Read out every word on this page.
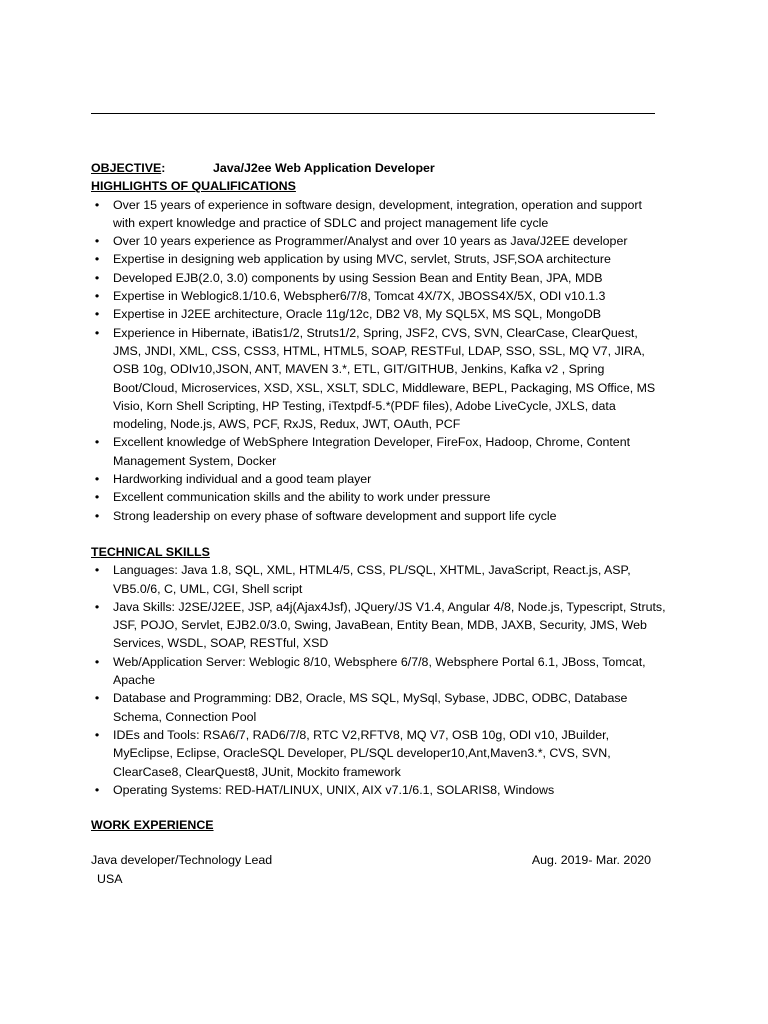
OBJECTIVE:	Java/J2ee Web Application Developer
HIGHLIGHTS OF QUALIFICATIONS
•	Over 15 years of experience in software design, development, integration, operation and support with expert knowledge and practice of SDLC and project management life cycle
•	Over 10 years experience as Programmer/Analyst and over 10 years as Java/J2EE developer
•	Expertise in designing web application by using MVC, servlet, Struts, JSF,SOA architecture
•	Developed EJB(2.0, 3.0) components by using Session Bean and Entity Bean, JPA, MDB
•	Expertise in Weblogic8.1/10.6, Webspher6/7/8, Tomcat 4X/7X, JBOSS4X/5X, ODI v10.1.3
•	Expertise in J2EE architecture, Oracle 11g/12c, DB2 V8, My SQL5X, MS SQL, MongoDB
•	Experience in Hibernate, iBatis1/2, Struts1/2, Spring, JSF2, CVS, SVN, ClearCase, ClearQuest, JMS, JNDI, XML, CSS, CSS3, HTML, HTML5, SOAP, RESTFul, LDAP, SSO, SSL, MQ V7, JIRA, OSB 10g, ODIv10,JSON, ANT, MAVEN 3.*, ETL, GIT/GITHUB, Jenkins, Kafka v2 , Spring Boot/Cloud, Microservices, XSD, XSL, XSLT, SDLC, Middleware, BEPL, Packaging, MS Office, MS Visio, Korn Shell Scripting, HP Testing, iTextpdf-5.*(PDF files), Adobe LiveCycle, JXLS, data modeling, Node.js, AWS, PCF, RxJS, Redux, JWT, OAuth, PCF
•	Excellent knowledge of WebSphere Integration Developer, FireFox, Hadoop, Chrome, Content Management System, Docker
•	Hardworking individual and a good team player
•	Excellent communication skills and the ability to work under pressure
•	Strong leadership on every phase of software development and support life cycle
TECHNICAL SKILLS
•	Languages: Java 1.8, SQL, XML, HTML4/5, CSS, PL/SQL, XHTML, JavaScript, React.js, ASP, VB5.0/6, C, UML, CGI, Shell script
•	Java Skills: J2SE/J2EE, JSP, a4j(Ajax4Jsf), JQuery/JS V1.4, Angular 4/8, Node.js, Typescript, Struts, JSF, POJO, Servlet, EJB2.0/3.0, Swing, JavaBean, Entity Bean, MDB, JAXB, Security, JMS, Web Services, WSDL, SOAP, RESTful, XSD
•	Web/Application Server: Weblogic 8/10, Websphere 6/7/8, Websphere Portal 6.1, JBoss, Tomcat, Apache
•	Database and Programming: DB2, Oracle, MS SQL, MySql, Sybase, JDBC, ODBC, Database Schema, Connection Pool
•	IDEs and Tools: RSA6/7, RAD6/7/8, RTC V2,RFTV8, MQ V7, OSB 10g, ODI v10, JBuilder, MyEclipse, Eclipse, OracleSQL Developer, PL/SQL developer10,Ant,Maven3.*, CVS, SVN, ClearCase8, ClearQuest8, JUnit, Mockito framework
•	Operating Systems: RED-HAT/LINUX, UNIX, AIX v7.1/6.1, SOLARIS8, Windows
WORK EXPERIENCE
Java developer/Technology Lead	Aug. 2019- Mar. 2020
USA
